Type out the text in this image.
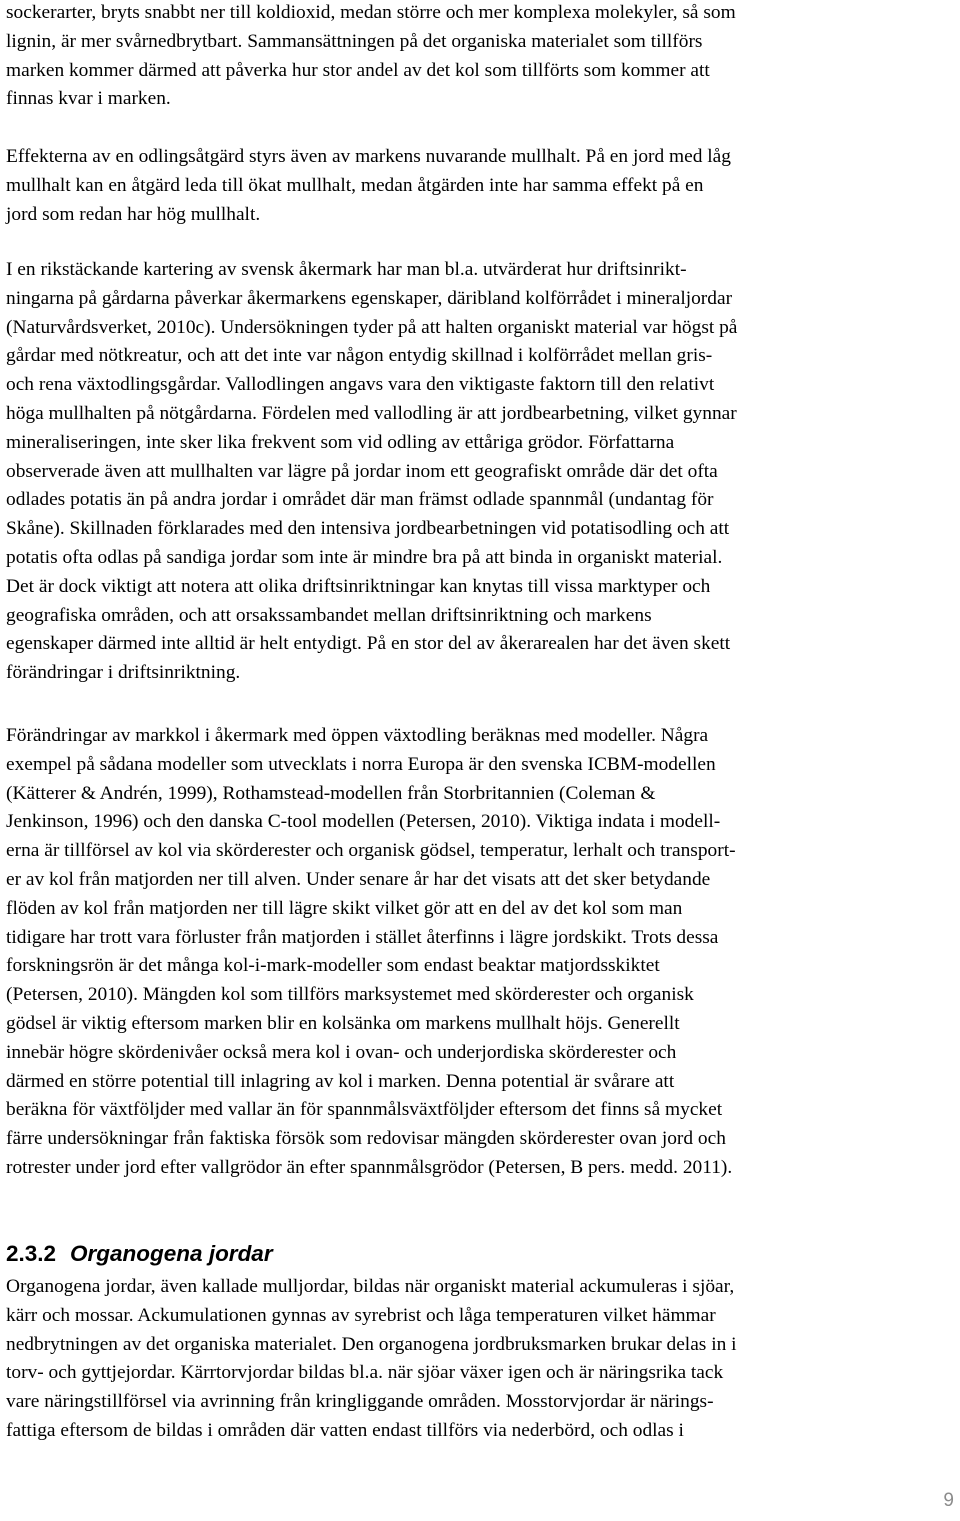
sockerarter, bryts snabbt ner till koldioxid, medan större och mer komplexa molekyler, så som
lignin, är mer svårnedbrytbart. Sammansättningen på det organiska materialet som tillförs
marken kommer därmed att påverka hur stor andel av det kol som tillförts som kommer att
finnas kvar i marken.

Effekterna av en odlingsåtgärd styrs även av markens nuvarande mullhalt. På en jord med låg
mullhalt kan en åtgärd leda till ökat mullhalt, medan åtgärden inte har samma effekt på en
jord som redan har hög mullhalt.

I en rikstäckande kartering av svensk åkermark har man bl.a. utvärderat hur driftsinrikt-
ningarna på gårdarna påverkar åkermarkens egenskaper, däribland kolförrådet i mineraljordar
(Naturvårdsverket, 2010c). Undersökningen tyder på att halten organiskt material var högst på
gårdar med nötkreatur, och att det inte var någon entydig skillnad i kolförrådet mellan gris-
och rena växtodlingsgårdar. Vallodlingen angavs vara den viktigaste faktorn till den relativt
höga mullhalten på nötgårdarna. Fördelen med vallodling är att jordbearbetning, vilket gynnar
mineraliseringen, inte sker lika frekvent som vid odling av ettåriga grödor. Författarna
observerade även att mullhalten var lägre på jordar inom ett geografiskt område där det ofta
odlades potatis än på andra jordar i området där man främst odlade spannmål (undantag för
Skåne). Skillnaden förklarades med den intensiva jordbearbetningen vid potatisodling och att
potatis ofta odlas på sandiga jordar som inte är mindre bra på att binda in organiskt material.
Det är dock viktigt att notera att olika driftsinriktningar kan knytas till vissa marktyper och
geografiska områden, och att orsakssambandet mellan driftsinriktning och markens
egenskaper därmed inte alltid är helt entydigt. På en stor del av åkerarealen har det även skett
förändringar i driftsinriktning.

Förändringar av markkol i åkermark med öppen växtodling beräknas med modeller. Några
exempel på sådana modeller som utvecklats i norra Europa är den svenska ICBM-modellen
(Kätterer & Andrén, 1999), Rothamstead-modellen från Storbritannien (Coleman &
Jenkinson, 1996) och den danska C-tool modellen (Petersen, 2010). Viktiga indata i modell-
erna är tillförsel av kol via skörderester och organisk gödsel, temperatur, lerhalt och transport-
er av kol från matjorden ner till alven. Under senare år har det visats att det sker betydande
flöden av kol från matjorden ner till lägre skikt vilket gör att en del av det kol som man
tidigare har trott vara förluster från matjorden i stället återfinns i lägre jordskikt. Trots dessa
forskningsrön är det många kol-i-mark-modeller som endast beaktar matjordsskiktet
(Petersen, 2010). Mängden kol som tillförs marksystemet med skörderester och organisk
gödsel är viktig eftersom marken blir en kolsänka om markens mullhalt höjs. Generellt
innebär högre skördenivåer också mera kol i ovan- och underjordiska skörderester och
därmed en större potential till inlagring av kol i marken. Denna potential är svårare att
beräkna för växtföljder med vallar än för spannmålsväxtföljder eftersom det finns så mycket
färre undersökningar från faktiska försök som redovisar mängden skörderester ovan jord och
rotrester under jord efter vallgrödor än efter spannmålsgrödor (Petersen, B pers. medd. 2011).

2.3.2 Organogena jordar

Organogena jordar, även kallade mulljordar, bildas när organiskt material ackumuleras i sjöar,
kärr och mossar. Ackumulationen gynnas av syrebrist och låga temperaturen vilket hämmar
nedbrytningen av det organiska materialet. Den organogena jordbruksmarken brukar delas in i
torv- och gyttjejordar. Kärrtorvjordar bildas bl.a. när sjöar växer igen och är näringsrika tack
vare näringstillförsel via avrinning från kringliggande områden. Mosstorvjordar är närings-
fattiga eftersom de bildas i områden där vatten endast tillförs via nederbörd, och odlas i

9
